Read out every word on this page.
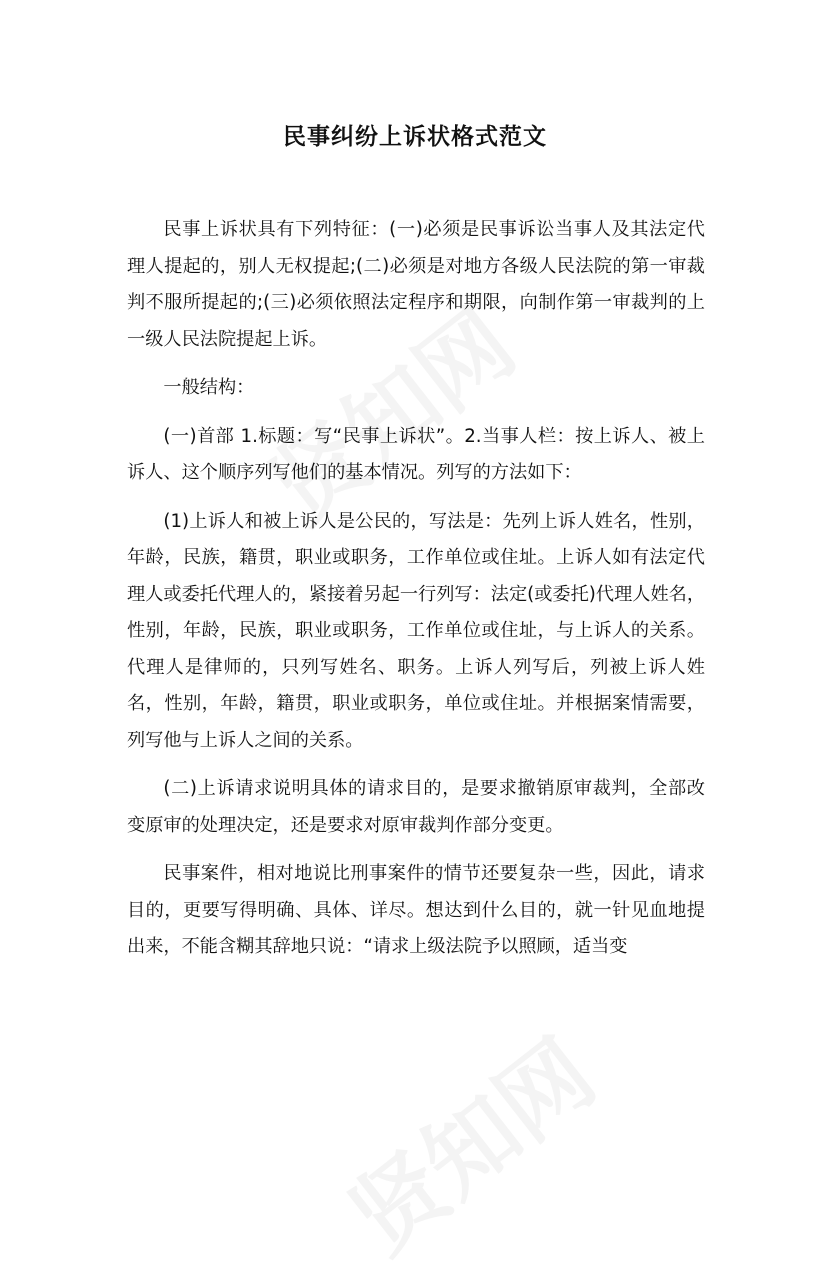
民事纠纷上诉状格式范文

民事上诉状具有下列特征：(一)必须是民事诉讼当事人及其法定代理人提起的，别人无权提起;(二)必须是对地方各级人民法院的第一审裁判不服所提起的;(三)必须依照法定程序和期限，向制作第一审裁判的上一级人民法院提起上诉。

一般结构：

(一)首部 1.标题：写“民事上诉状”。2.当事人栏：按上诉人、被上诉人、这个顺序列写他们的基本情况。列写的方法如下：

(1)上诉人和被上诉人是公民的，写法是：先列上诉人姓名，性别，年龄，民族，籍贯，职业或职务，工作单位或住址。上诉人如有法定代理人或委托代理人的，紧接着另起一行列写：法定(或委托)代理人姓名，性别，年龄，民族，职业或职务，工作单位或住址，与上诉人的关系。代理人是律师的，只列写姓名、职务。上诉人列写后，列被上诉人姓名，性别，年龄，籍贯，职业或职务，单位或住址。并根据案情需要，列写他与上诉人之间的关系。

(二)上诉请求说明具体的请求目的，是要求撤销原审裁判，全部改变原审的处理决定，还是要求对原审裁判作部分变更。

民事案件，相对地说比刑事案件的情节还要复杂一些，因此，请求目的，更要写得明确、具体、详尽。想达到什么目的，就一针见血地提出来，不能含糊其辞地只说：“请求上级法院予以照顾，适当变
